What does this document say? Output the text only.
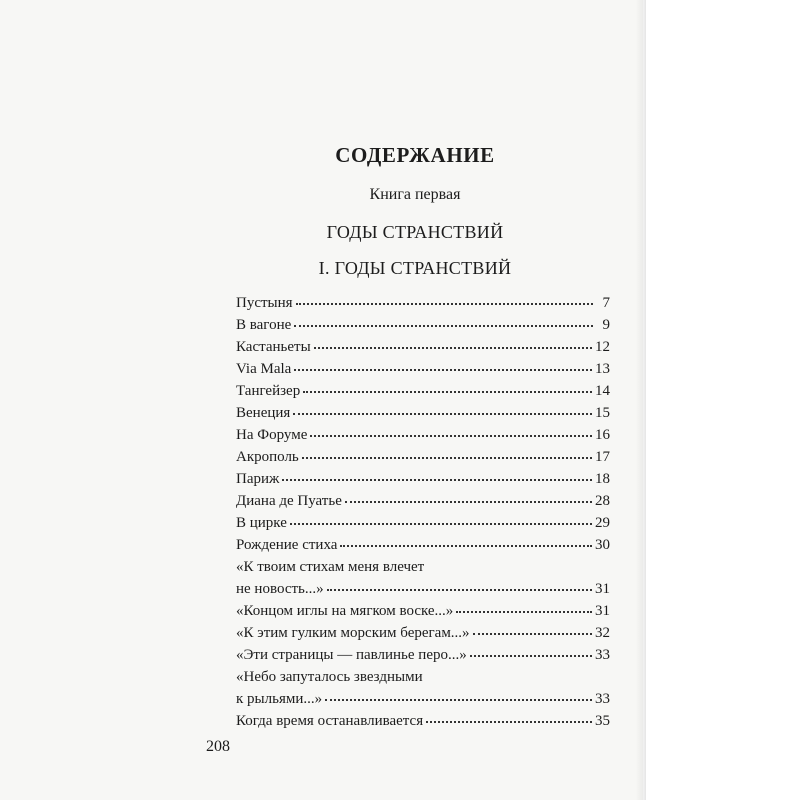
СОДЕРЖАНИЕ
Книга первая
ГОДЫ СТРАНСТВИЙ
I. ГОДЫ СТРАНСТВИЙ
Пустыня	7
В вагоне	9
Кастаньеты	12
Via Mala	13
Тангейзер	14
Венеция	15
На Форуме	16
Акрополь	17
Париж	18
Диана де Пуатье	28
В цирке	29
Рождение стиха	30
«К твоим стихам меня влечет
не новость...»	31
«Концом иглы на мягком воске...»	31
«К этим гулким морским берегам...»	32
«Эти страницы — павлинье перо...»	33
«Небо запуталось звездными
к рыльями...»	33
Когда время останавливается	35
208
